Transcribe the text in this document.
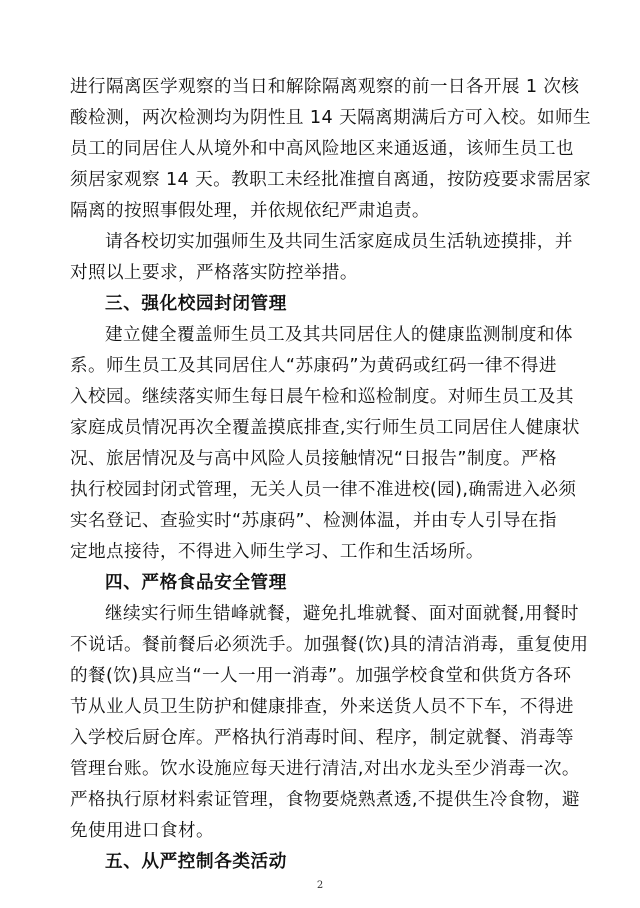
进行隔离医学观察的当日和解除隔离观察的前一日各开展 1 次核
酸检测，两次检测均为阴性且 14 天隔离期满后方可入校。如师生
员工的同居住人从境外和中高风险地区来通返通，该师生员工也
须居家观察 14 天。教职工未经批准擅自离通，按防疫要求需居家
隔离的按照事假处理，并依规依纪严肃追责。
请各校切实加强师生及共同生活家庭成员生活轨迹摸排，并
对照以上要求，严格落实防控举措。
三、强化校园封闭管理
建立健全覆盖师生员工及其共同居住人的健康监测制度和体
系。师生员工及其同居住人“苏康码”为黄码或红码一律不得进
入校园。继续落实师生每日晨午检和巡检制度。对师生员工及其
家庭成员情况再次全覆盖摸底排查,实行师生员工同居住人健康状
况、旅居情况及与高中风险人员接触情况“日报告”制度。严格
执行校园封闭式管理，无关人员一律不准进校(园),确需进入必须
实名登记、查验实时“苏康码”、检测体温，并由专人引导在指
定地点接待，不得进入师生学习、工作和生活场所。
四、严格食品安全管理
继续实行师生错峰就餐，避免扎堆就餐、面对面就餐,用餐时
不说话。餐前餐后必须洗手。加强餐(饮)具的清洁消毒，重复使用
的餐(饮)具应当“一人一用一消毒”。加强学校食堂和供货方各环
节从业人员卫生防护和健康排查，外来送货人员不下车，不得进
入学校后厨仓库。严格执行消毒时间、程序，制定就餐、消毒等
管理台账。饮水设施应每天进行清洁,对出水龙头至少消毒一次。
严格执行原材料索证管理，食物要烧熟煮透,不提供生冷食物，避
免使用进口食材。
五、从严控制各类活动
2
